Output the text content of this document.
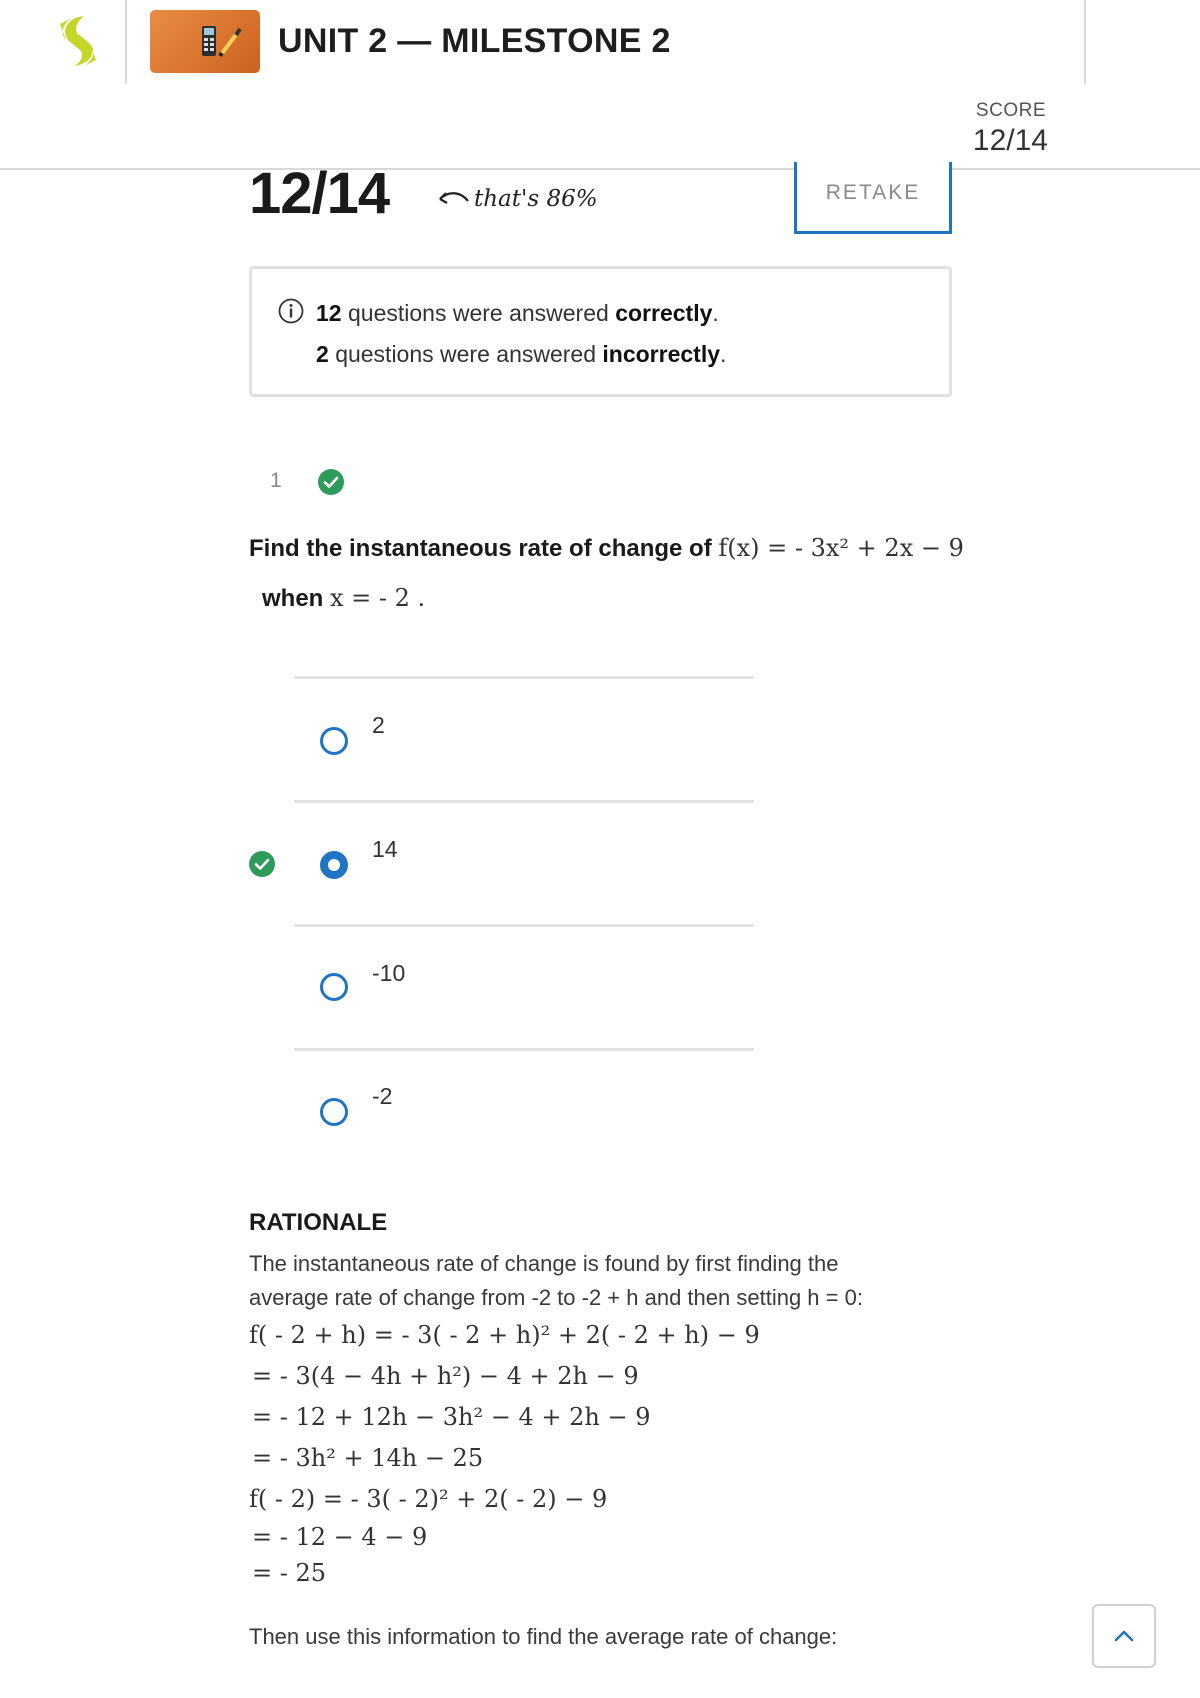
UNIT 2 — MILESTONE 2
SCORE
12/14
12/14	that's 86%	RETAKE
12 questions were answered correctly.
2 questions were answered incorrectly.
1
Find the instantaneous rate of change of f(x) = - 3x² + 2x − 9
when x = - 2 .
2
14
-10
-2
RATIONALE
The instantaneous rate of change is found by first finding the
average rate of change from -2 to -2 + h and then setting h = 0:
f( - 2 + h) = - 3( - 2 + h)² + 2( - 2 + h) − 9
= - 3(4 − 4h + h²) − 4 + 2h − 9
= - 12 + 12h − 3h² − 4 + 2h − 9
= - 3h² + 14h − 25
f( - 2) = - 3( - 2)² + 2( - 2) − 9
= - 12 − 4 − 9
= - 25
Then use this information to find the average rate of change:
